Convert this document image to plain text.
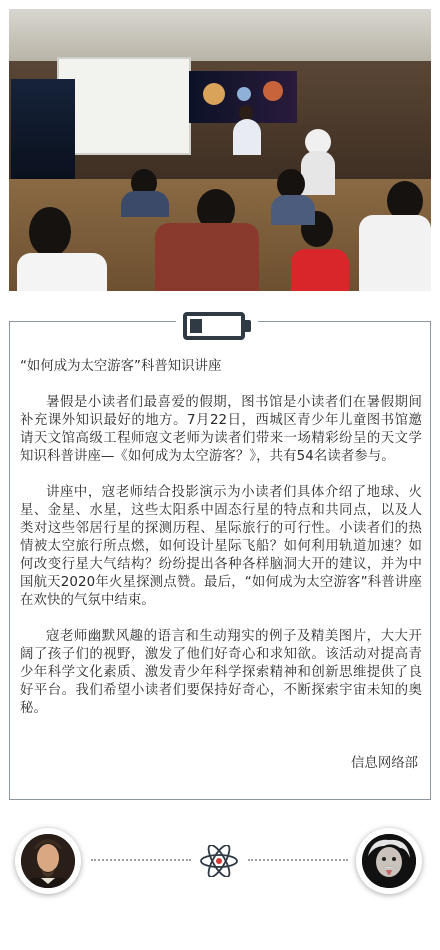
“如何成为太空游客”科普知识讲座

暑假是小读者们最喜爱的假期，图书馆是小读者们在暑假期间补充课外知识最好的地方。7月22日，西城区青少年儿童图书馆邀请天文馆高级工程师寇文老师为读者们带来一场精彩纷呈的天文学知识科普讲座—《如何成为太空游客？》，共有54名读者参与。

讲座中，寇老师结合投影演示为小读者们具体介绍了地球、火星、金星、水星，这些太阳系中固态行星的特点和共同点，以及人类对这些邻居行星的探测历程、星际旅行的可行性。小读者们的热情被太空旅行所点燃，如何设计星际飞船？如何利用轨道加速？如何改变行星大气结构？纷纷提出各种各样脑洞大开的建议，并为中国航天2020年火星探测点赞。最后，“如何成为太空游客”科普讲座在欢快的气氛中结束。

寇老师幽默风趣的语言和生动翔实的例子及精美图片，大大开阔了孩子们的视野，激发了他们好奇心和求知欲。该活动对提高青少年科学文化素质、激发青少年科学探索精神和创新思维提供了良好平台。我们希望小读者们要保持好奇心，不断探索宇宙未知的奥秘。

信息网络部
